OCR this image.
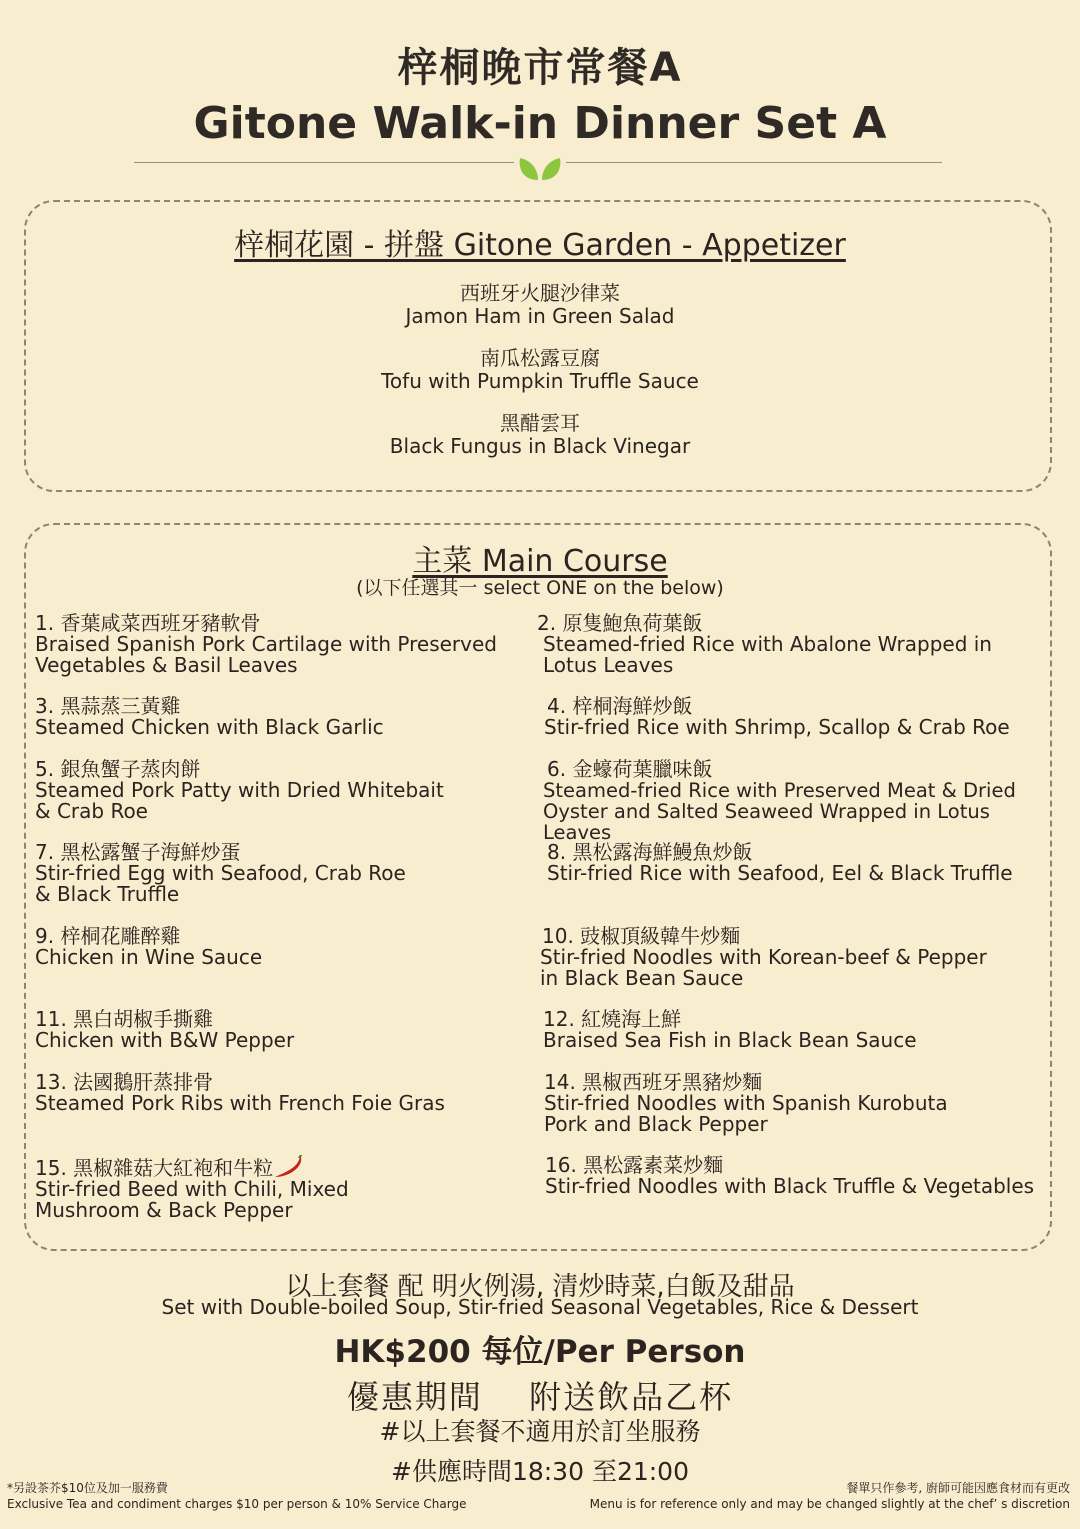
梓桐晚市常餐A
Gitone Walk-in Dinner Set A
梓桐花園 - 拼盤 Gitone Garden - Appetizer
西班牙火腿沙律菜
Jamon Ham in Green Salad
南瓜松露豆腐
Tofu with Pumpkin Truffle Sauce
黑醋雲耳
Black Fungus in Black Vinegar
主菜 Main Course
(以下任選其一 select ONE on the below)
1. 香葉咸菜西班牙豬軟骨
Braised Spanish Pork Cartilage with Preserved Vegetables & Basil Leaves
2. 原隻鮑魚荷葉飯
Steamed-fried Rice with Abalone Wrapped in Lotus Leaves
3. 黑蒜蒸三黃雞
Steamed Chicken with Black Garlic
4. 梓桐海鮮炒飯
Stir-fried Rice with Shrimp, Scallop & Crab Roe
5. 銀魚蟹子蒸肉餅
Steamed Pork Patty with Dried Whitebait & Crab Roe
6. 金蠔荷葉臘味飯
Steamed-fried Rice with Preserved Meat & Dried Oyster and Salted Seaweed Wrapped in Lotus Leaves
7. 黑松露蟹子海鮮炒蛋
Stir-fried Egg with Seafood, Crab Roe & Black Truffle
8. 黑松露海鮮鰻魚炒飯
Stir-fried Rice with Seafood, Eel & Black Truffle
9. 梓桐花雕醉雞
Chicken in Wine Sauce
10. 豉椒頂級韓牛炒麵
Stir-fried Noodles with Korean-beef & Pepper in Black Bean Sauce
11. 黑白胡椒手撕雞
Chicken with B&W Pepper
12. 紅燒海上鮮
Braised Sea Fish in Black Bean Sauce
13. 法國鵝肝蒸排骨
Steamed Pork Ribs with French Foie Gras
14. 黑椒西班牙黑豬炒麵
Stir-fried Noodles with Spanish Kurobuta Pork and Black Pepper
15. 黑椒雜菇大紅袍和牛粒
Stir-fried Beed with Chili, Mixed Mushroom & Back Pepper
16. 黑松露素菜炒麵
Stir-fried Noodles with Black Truffle & Vegetables
以上套餐 配 明火例湯, 清炒時菜,白飯及甜品
Set with Double-boiled Soup, Stir-fried Seasonal Vegetables, Rice & Dessert
HK$200 每位/Per Person
優惠期間　 附送飲品乙杯
#以上套餐不適用於訂坐服務
#供應時間18:30 至21:00
*另設茶芥$10位及加一服務費
Exclusive Tea and condiment charges $10 per person & 10% Service Charge
餐單只作參考, 廚師可能因應食材而有更改
Menu is for reference only and may be changed slightly at the chef’ s discretion
